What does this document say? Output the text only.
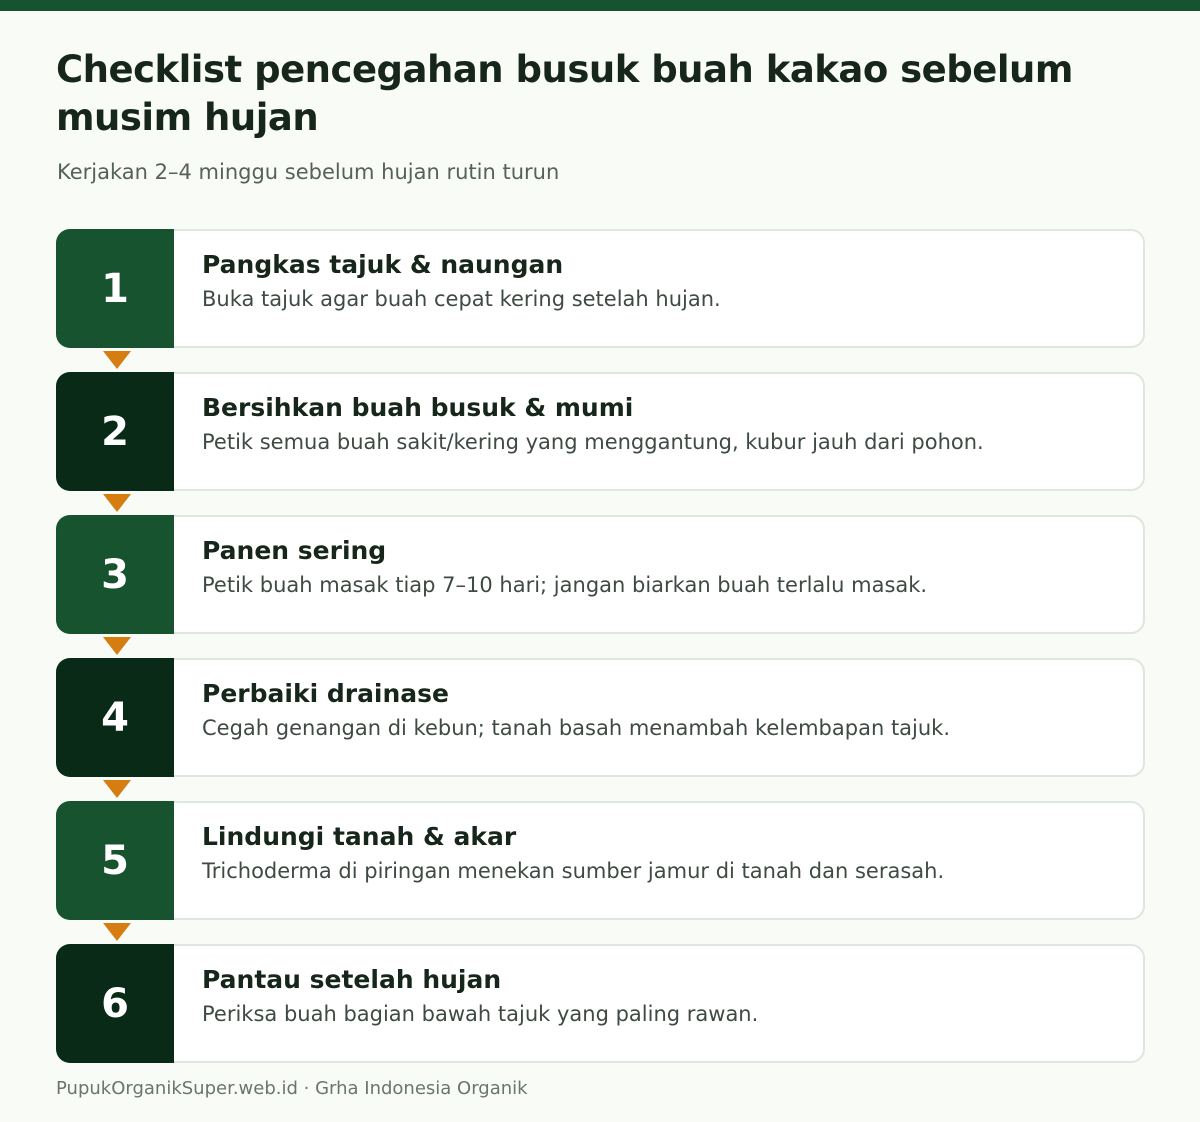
Checklist pencegahan busuk buah kakao sebelum musim hujan

Kerjakan 2–4 minggu sebelum hujan rutin turun

1
Pangkas tajuk & naungan
Buka tajuk agar buah cepat kering setelah hujan.
2
Bersihkan buah busuk & mumi
Petik semua buah sakit/kering yang menggantung, kubur jauh dari pohon.
3
Panen sering
Petik buah masak tiap 7–10 hari; jangan biarkan buah terlalu masak.
4
Perbaiki drainase
Cegah genangan di kebun; tanah basah menambah kelembapan tajuk.
5
Lindungi tanah & akar
Trichoderma di piringan menekan sumber jamur di tanah dan serasah.
6
Pantau setelah hujan
Periksa buah bagian bawah tajuk yang paling rawan.
PupukOrganikSuper.web.id · Grha Indonesia Organik
